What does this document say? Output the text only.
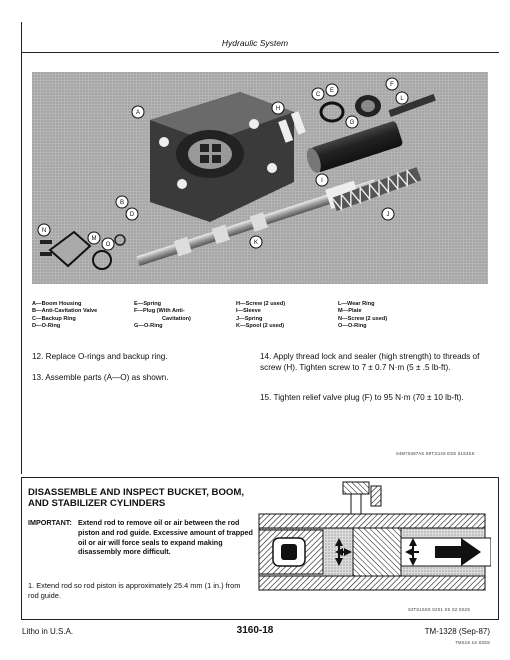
Hydraulic System
A
B
C
D
E
F
G
H
I
J
K
L
M
N
O
A—Boom Housing
B—Anti-Cavitation Valve
C—Backup Ring
D—O-Ring
E—Spring
F—Plug (With Anti-
Cavitation)
G—O-Ring
H—Screw (2 used)
I—Sleeve
J—Spring
K—Spool (2 used)
L—Wear Ring
M—Plate
N—Screw (2 used)
O—O-Ring
12. Replace O-rings and backup ring.
13. Assemble parts (A—O) as shown.
14. Apply thread lock and sealer (high strength) to threads of screw (H). Tighten screw to 7 ± 0.7 N·m (5 ± .5 lb-ft).
15. Tighten relief valve plug (F) to 95 N·m (70 ± 10 lb-ft).
S4M7S497AS S9T;S14S ESS S1S3SS
DISASSEMBLE AND INSPECT BUCKET, BOOM, AND STABILIZER CYLINDERS
IMPORTANT: Extend rod to remove oil or air between the rod piston and rod guide. Excessive amount of trapped oil or air will force seals to expand making disassembly more difficult.
1. Extend rod so rod piston is approximately 25.4 mm (1 in.) from rod guide.
S2TS1SSS S2S1 SS S2 SS2S
Litho in U.S.A.	3160-18	TM-1328 (Sep-87)
TMS1S 1S S3SS
